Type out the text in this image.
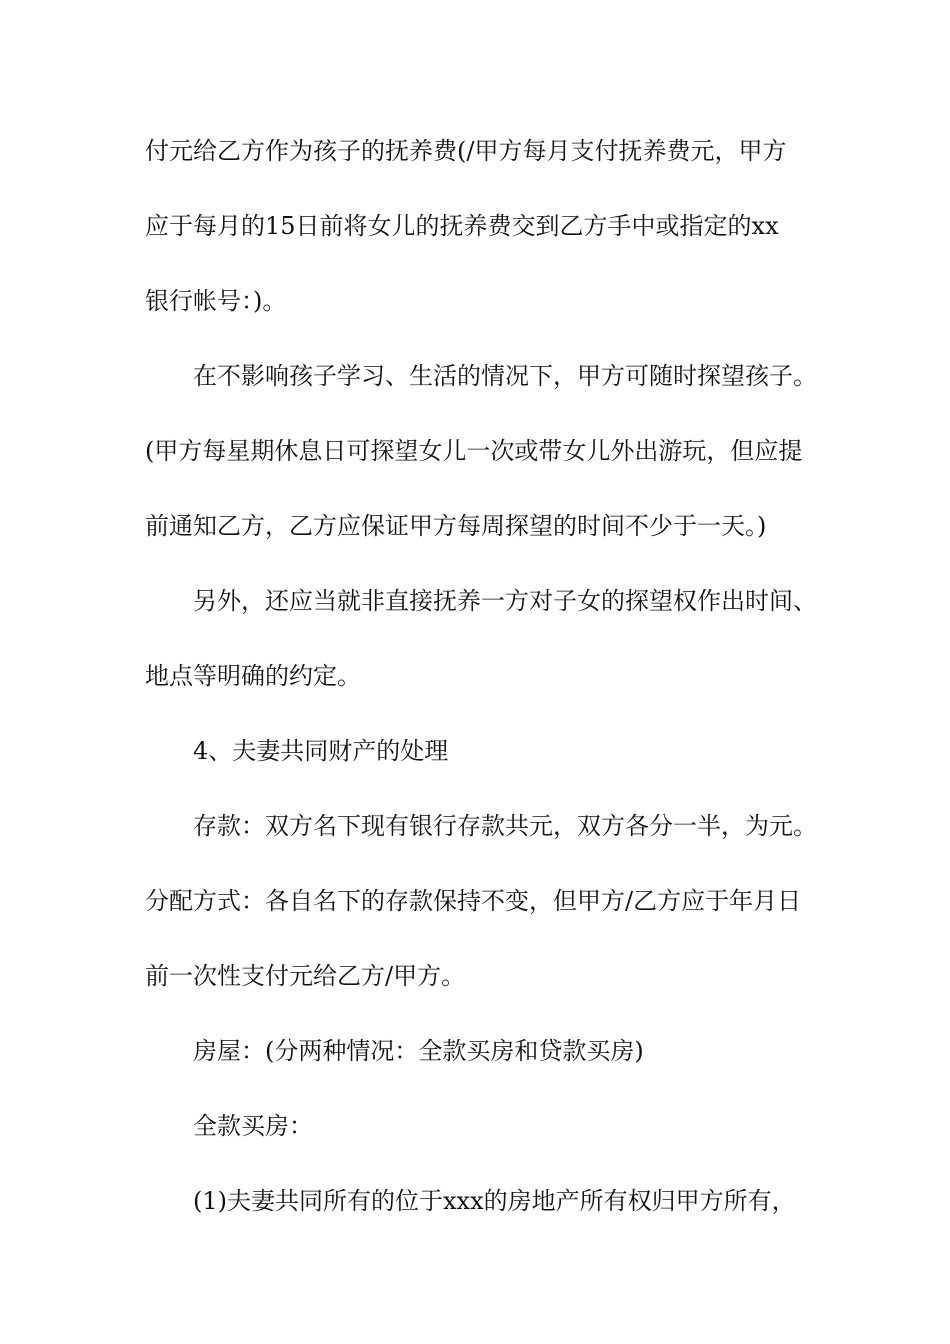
付元给乙方作为孩子的抚养费(/甲方每月支付抚养费元，甲方
应于每月的15日前将女儿的抚养费交到乙方手中或指定的xx
银行帐号：)。
在不影响孩子学习、生活的情况下，甲方可随时探望孩子。
(甲方每星期休息日可探望女儿一次或带女儿外出游玩，但应提
前通知乙方，乙方应保证甲方每周探望的时间不少于一天。)
另外，还应当就非直接抚养一方对子女的探望权作出时间、
地点等明确的约定。
4、夫妻共同财产的处理
存款：双方名下现有银行存款共元，双方各分一半，为元。
分配方式：各自名下的存款保持不变，但甲方/乙方应于年月日
前一次性支付元给乙方/甲方。
房屋：(分两种情况：全款买房和贷款买房)
全款买房：
(1)夫妻共同所有的位于xxx的房地产所有权归甲方所有，
